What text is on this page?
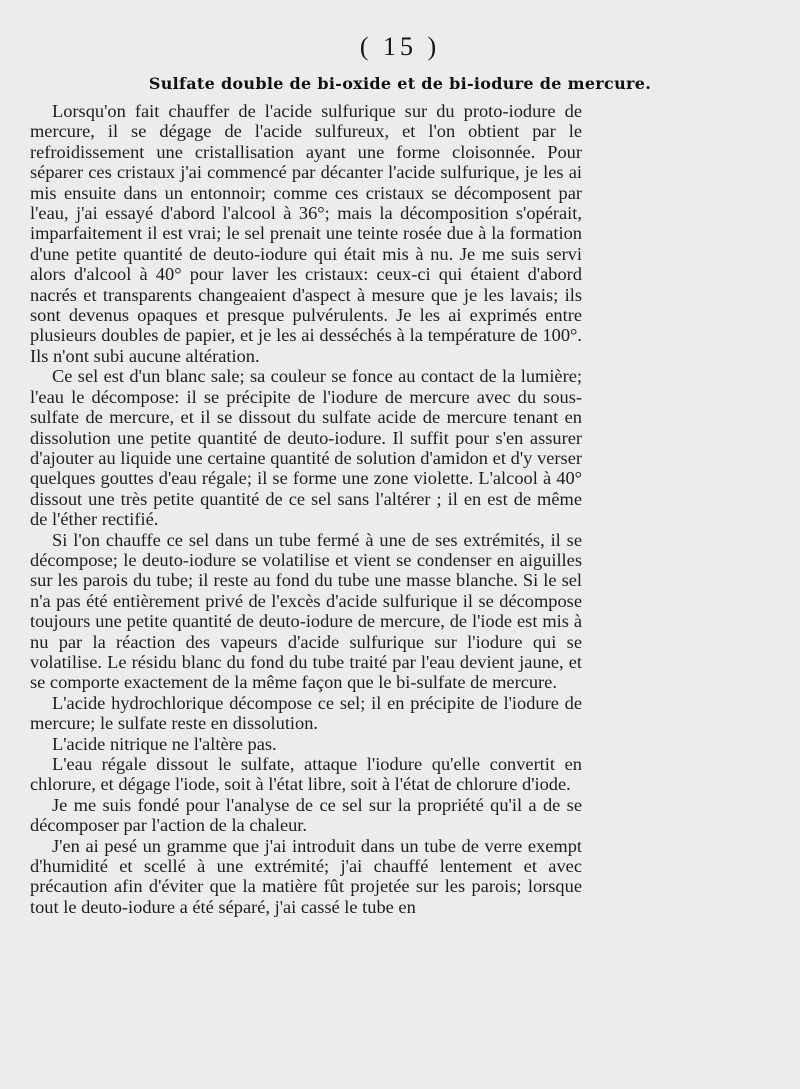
( 15 )
Sulfate double de bi-oxide et de bi-iodure de mercure.

Lorsqu'on fait chauffer de l'acide sulfurique sur du proto-iodure de mercure, il se dégage de l'acide sulfureux, et l'on obtient par le refroidissement une cristallisation ayant une forme cloisonnée. Pour séparer ces cristaux j'ai commencé par décanter l'acide sulfurique, je les ai mis ensuite dans un entonnoir; comme ces cristaux se décomposent par l'eau, j'ai essayé d'abord l'alcool à 36°; mais la décomposition s'opérait, imparfaitement il est vrai; le sel prenait une teinte rosée due à la formation d'une petite quantité de deuto-iodure qui était mis à nu. Je me suis servi alors d'alcool à 40° pour laver les cristaux: ceux-ci qui étaient d'abord nacrés et transparents changeaient d'aspect à mesure que je les lavais; ils sont devenus opaques et presque pulvérulents. Je les ai exprimés entre plusieurs doubles de papier, et je les ai desséchés à la température de 100°. Ils n'ont subi aucune altération.

Ce sel est d'un blanc sale; sa couleur se fonce au contact de la lumière; l'eau le décompose: il se précipite de l'iodure de mercure avec du sous-sulfate de mercure, et il se dissout du sulfate acide de mercure tenant en dissolution une petite quantité de deuto-iodure. Il suffit pour s'en assurer d'ajouter au liquide une certaine quantité de solution d'amidon et d'y verser quelques gouttes d'eau régale; il se forme une zone violette. L'alcool à 40° dissout une très petite quantité de ce sel sans l'altérer ; il en est de même de l'éther rectifié.

Si l'on chauffe ce sel dans un tube fermé à une de ses extrémités, il se décompose; le deuto-iodure se volatilise et vient se condenser en aiguilles sur les parois du tube; il reste au fond du tube une masse blanche. Si le sel n'a pas été entièrement privé de l'excès d'acide sulfurique il se décompose toujours une petite quantité de deuto-iodure de mercure, de l'iode est mis à nu par la réaction des vapeurs d'acide sulfurique sur l'iodure qui se volatilise. Le résidu blanc du fond du tube traité par l'eau devient jaune, et se comporte exactement de la même façon que le bi-sulfate de mercure.

L'acide hydrochlorique décompose ce sel; il en précipite de l'iodure de mercure; le sulfate reste en dissolution.

L'acide nitrique ne l'altère pas.

L'eau régale dissout le sulfate, attaque l'iodure qu'elle convertit en chlorure, et dégage l'iode, soit à l'état libre, soit à l'état de chlorure d'iode.

Je me suis fondé pour l'analyse de ce sel sur la propriété qu'il a de se décomposer par l'action de la chaleur.

J'en ai pesé un gramme que j'ai introduit dans un tube de verre exempt d'humidité et scellé à une extrémité; j'ai chauffé lentement et avec précaution afin d'éviter que la matière fût projetée sur les parois; lorsque tout le deuto-iodure a été séparé, j'ai cassé le tube en
